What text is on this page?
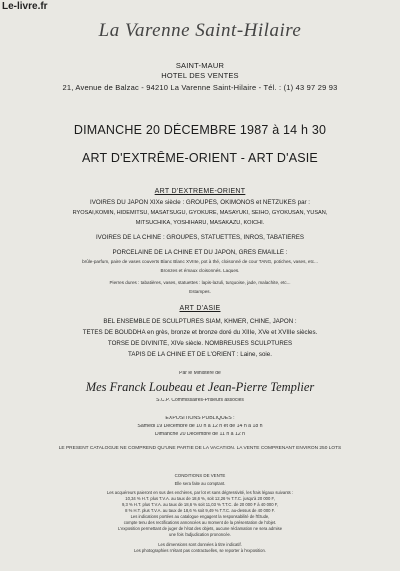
Le-livre.fr
La Varenne Saint-Hilaire
SAINT-MAUR
HOTEL DES VENTES
21, Avenue de Balzac - 94210 La Varenne Saint-Hilaire - Tél. : (1) 43 97 29 93
DIMANCHE 20 DÉCEMBRE 1987 à 14 h 30
ART D'EXTRÊME-ORIENT - ART D'ASIE
ART D'EXTRÊME-ORIENT
IVOIRES DU JAPON XIXe siècle : GROUPES, OKIMONOS et NETZUKES par :
RYOSAI,KOMIN, HIDEMITSU, MASATSUGU, GYOKURE, MASAYUKI, SEIHO, GYOKUSAN, YUSAN,
MITSUCHIKA, YOSHIHARU, MASAKAZU, KOICHI.
IVOIRES DE LA CHINE : GROUPES, STATUETTES, INROS, TABATIÈRES
PORCELAINE DE LA CHINE ET DU JAPON, GRÈS ÉMAILLÉ :
brûle-parfum, paire de vases couverts Blanc Blanc XVIIIe, pot à thé, cloisonné de cour TANG, potiches, vases, etc...
Bronzes et émaux cloisonnés. Laques.
Pierres dures : tabatières, vases, statuettes : lapis-lazuli, turquoise, jade, malachite, etc...
Estampes.
ART D'ASIE
BEL ENSEMBLE DE SCULPTURES SIAM, KHMER, CHINE, JAPON :
TÊTES DE BOUDDHA en grès, bronze et bronze doré du XIIIe, XVe et XVIIIe siècles.
TORSE DE DIVINITÉ, XIVe siècle. NOMBREUSES SCULPTURES
TAPIS DE LA CHINE ET DE L'ORIENT : Laine, soie.
Par le Ministère de
Mes Franck Loubeau et Jean-Pierre Templier
S.C.P. Commissaires-Priseurs associés
EXPOSITIONS PUBLIQUES :
Samedi 19 Décembre de 10 h à 12 h et de 14 h à 18 h
Dimanche 20 Décembre de 11 h à 12 h
LE PRÉSENT CATALOGUE NE COMPREND QU'UNE PARTIE DE LA VACATION. LA VENTE COMPRENANT ENVIRON 250 LOTS
CONDITIONS DE VENTE
Elle sera faite au comptant.
Les acquéreurs paieront en sus des enchères, par lot et sans dégressivité, les frais légaux suivants :
10,34 % H.T. plus T.V.A. au taux de 18,6 %, soit 12,26 % T.T.C. jusqu'à 20 000 F,
9,3 % H.T. plus T.V.A. au taux de 18,6 % soit 11,03 % T.T.C. de 20 000 F à 40 000 F,
8 % H.T. plus T.V.A. au taux de 18,6 % soit 9,49 % T.T.C. au-dessus de 40 000 F.
Les indications portées au catalogue engagent la responsabilité de l'Étude,
compte tenu des rectifications annoncées au moment de la présentation de l'objet.
L'exposition permettant de juger de l'état des objets, aucune réclamation ne sera admise
une fois l'adjudication prononcée.
Les dimensions sont données à titre indicatif.
Les photographies n'étant pas contractuelles, se reporter à l'exposition.
